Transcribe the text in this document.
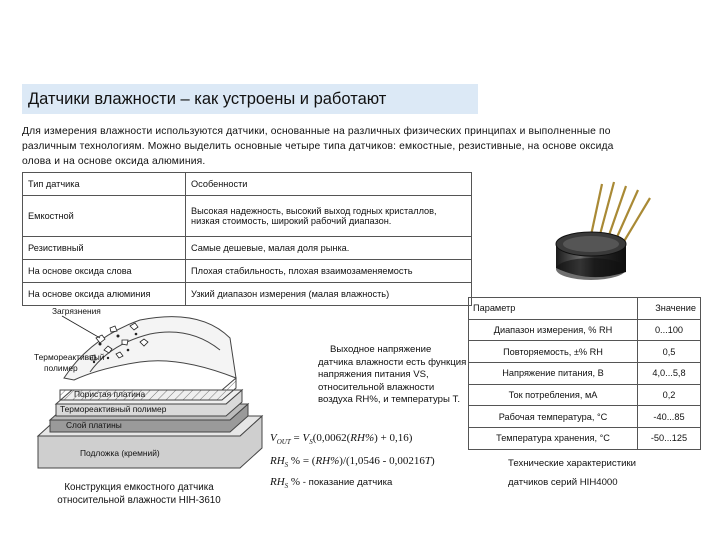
Датчики влажности – как устроены и работают
Для измерения влажности используются датчики, основанные на различных физических принципах и выполненные по различным технологиям. Можно выделить основные четыре типа датчиков: емкостные, резистивные, на основе оксида олова и на основе оксида алюминия.
Тип датчика	Особенности
Емкостной	Высокая надежность, высокий выход годных кристаллов, низкая стоимость, широкий рабочий диапазон.
Резистивный	Самые дешевые, малая доля рынка.
На основе оксида слова	Плохая стабильность, плохая взаимозаменяемость
На основе оксида алюминия	Узкий диапазон измерения (малая влажность)
Загрязнения
Термореактивный
полимер
Пористая платина
Термореактивный полимер
Слой платины
Подложка (кремний)
Конструкция емкостного датчика
относительной влажности HIH-3610
Выходное напряжение датчика влажности есть функция напряжения питания VS, относительной влажности воздуха RH%, и температуры T.
$V_{OUT} = V_S(0,0062(RH\%) + 0,16)$
$RH_S$ % = (RH%)/(1,0546 - 0,00216T)
$RH_S$ % - показание датчика
Параметр	Значение
Диапазон измерения, % RH	0...100
Повторяемость, ±% RH	0,5
Напряжение питания, В	4,0...5,8
Ток потребления, мА	0,2
Рабочая температура, °C	-40...85
Температура хранения, °C	-50...125
Технические характеристики
датчиков серий HIH4000
